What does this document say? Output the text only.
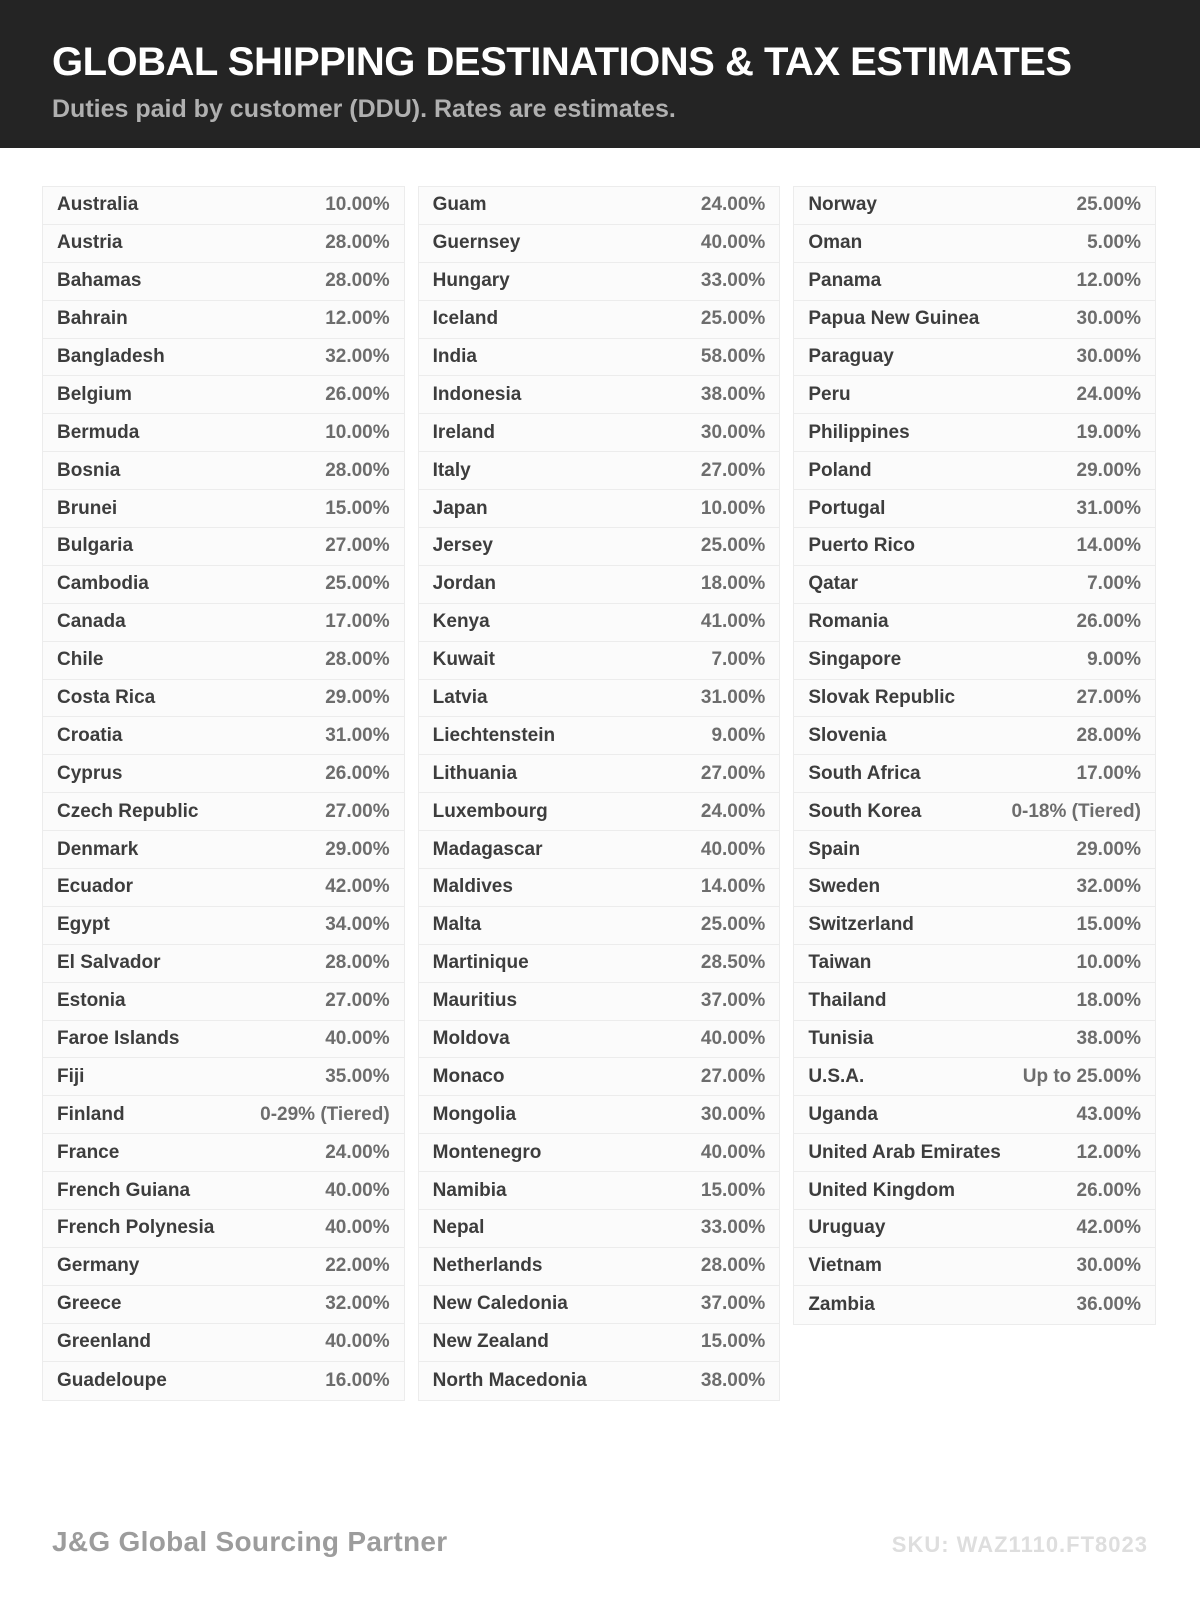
GLOBAL SHIPPING DESTINATIONS & TAX ESTIMATES
Duties paid by customer (DDU). Rates are estimates.
Australia	10.00%
Austria	28.00%
Bahamas	28.00%
Bahrain	12.00%
Bangladesh	32.00%
Belgium	26.00%
Bermuda	10.00%
Bosnia	28.00%
Brunei	15.00%
Bulgaria	27.00%
Cambodia	25.00%
Canada	17.00%
Chile	28.00%
Costa Rica	29.00%
Croatia	31.00%
Cyprus	26.00%
Czech Republic	27.00%
Denmark	29.00%
Ecuador	42.00%
Egypt	34.00%
El Salvador	28.00%
Estonia	27.00%
Faroe Islands	40.00%
Fiji	35.00%
Finland	0-29% (Tiered)
France	24.00%
French Guiana	40.00%
French Polynesia	40.00%
Germany	22.00%
Greece	32.00%
Greenland	40.00%
Guadeloupe	16.00%
Guam	24.00%
Guernsey	40.00%
Hungary	33.00%
Iceland	25.00%
India	58.00%
Indonesia	38.00%
Ireland	30.00%
Italy	27.00%
Japan	10.00%
Jersey	25.00%
Jordan	18.00%
Kenya	41.00%
Kuwait	7.00%
Latvia	31.00%
Liechtenstein	9.00%
Lithuania	27.00%
Luxembourg	24.00%
Madagascar	40.00%
Maldives	14.00%
Malta	25.00%
Martinique	28.50%
Mauritius	37.00%
Moldova	40.00%
Monaco	27.00%
Mongolia	30.00%
Montenegro	40.00%
Namibia	15.00%
Nepal	33.00%
Netherlands	28.00%
New Caledonia	37.00%
New Zealand	15.00%
North Macedonia	38.00%
Norway	25.00%
Oman	5.00%
Panama	12.00%
Papua New Guinea	30.00%
Paraguay	30.00%
Peru	24.00%
Philippines	19.00%
Poland	29.00%
Portugal	31.00%
Puerto Rico	14.00%
Qatar	7.00%
Romania	26.00%
Singapore	9.00%
Slovak Republic	27.00%
Slovenia	28.00%
South Africa	17.00%
South Korea	0-18% (Tiered)
Spain	29.00%
Sweden	32.00%
Switzerland	15.00%
Taiwan	10.00%
Thailand	18.00%
Tunisia	38.00%
U.S.A.	Up to 25.00%
Uganda	43.00%
United Arab Emirates	12.00%
United Kingdom	26.00%
Uruguay	42.00%
Vietnam	30.00%
Zambia	36.00%
J&G Global Sourcing Partner	SKU: WAZ1110.FT8023
